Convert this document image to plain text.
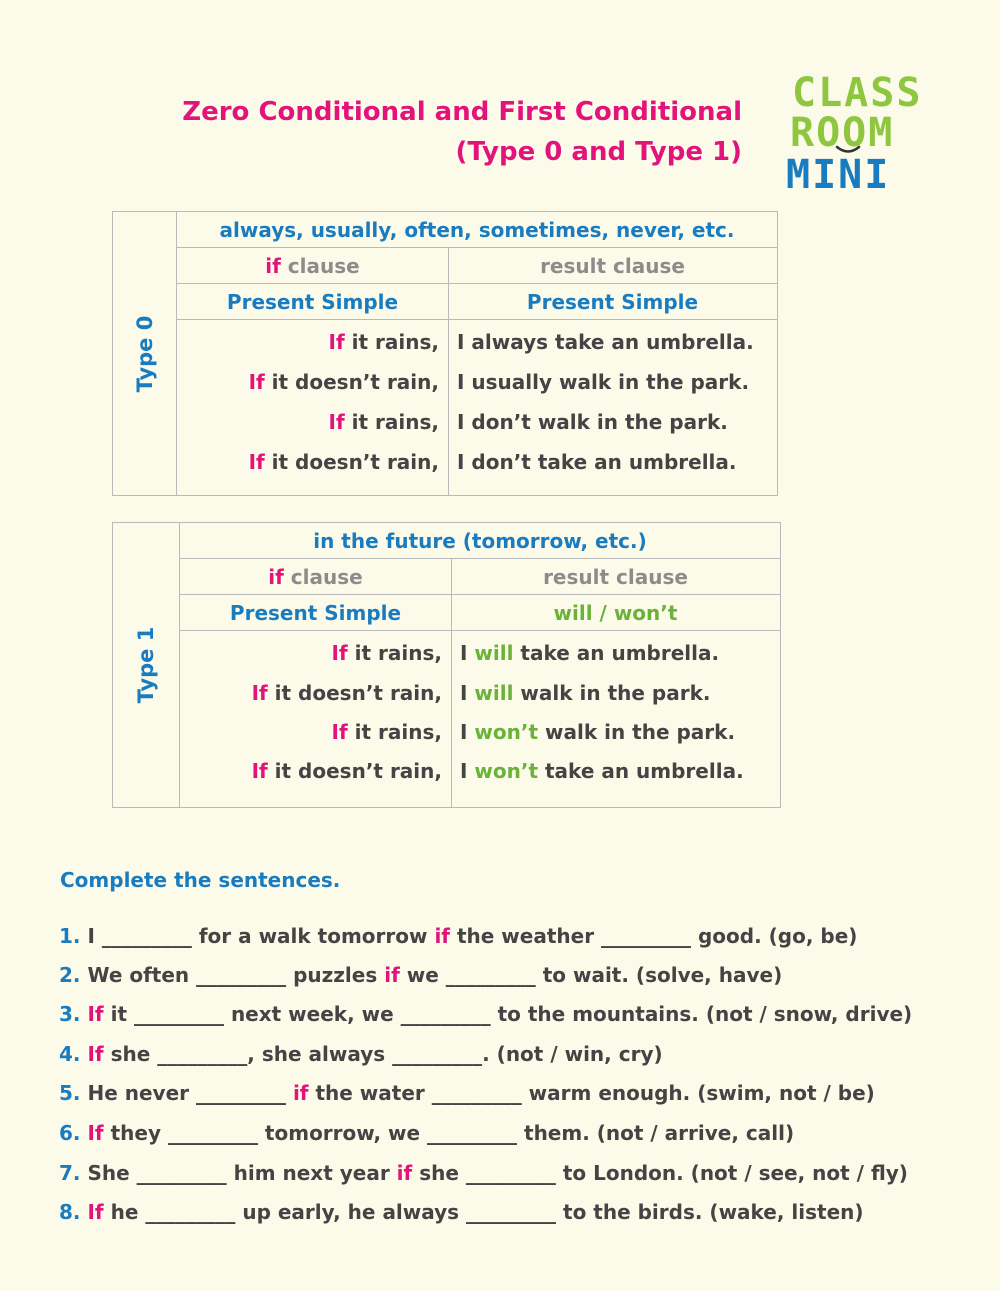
Zero Conditional and First Conditional
(Type 0 and Type 1)
CLASS
ROOM
MINI
Type 0
always, usually, often, sometimes, never, etc.
if clause	result clause
Present Simple	Present Simple
If it rains, I always take an umbrella.
If it doesn’t rain, I usually walk in the park.
If it rains, I don’t walk in the park.
If it doesn’t rain, I don’t take an umbrella.
Type 1
in the future (tomorrow, etc.)
if clause	result clause
Present Simple	will / won’t
If it rains, I will take an umbrella.
If it doesn’t rain, I will walk in the park.
If it rains, I won’t walk in the park.
If it doesn’t rain, I won’t take an umbrella.
Complete the sentences.
1. I _________ for a walk tomorrow if the weather _________ good. (go, be)
2. We often _________ puzzles if we _________ to wait. (solve, have)
3. If it _________ next week, we _________ to the mountains. (not / snow, drive)
4. If she _________, she always _________. (not / win, cry)
5. He never _________ if the water _________ warm enough. (swim, not / be)
6. If they _________ tomorrow, we _________ them. (not / arrive, call)
7. She _________ him next year if she _________ to London. (not / see, not / fly)
8. If he _________ up early, he always _________ to the birds. (wake, listen)
